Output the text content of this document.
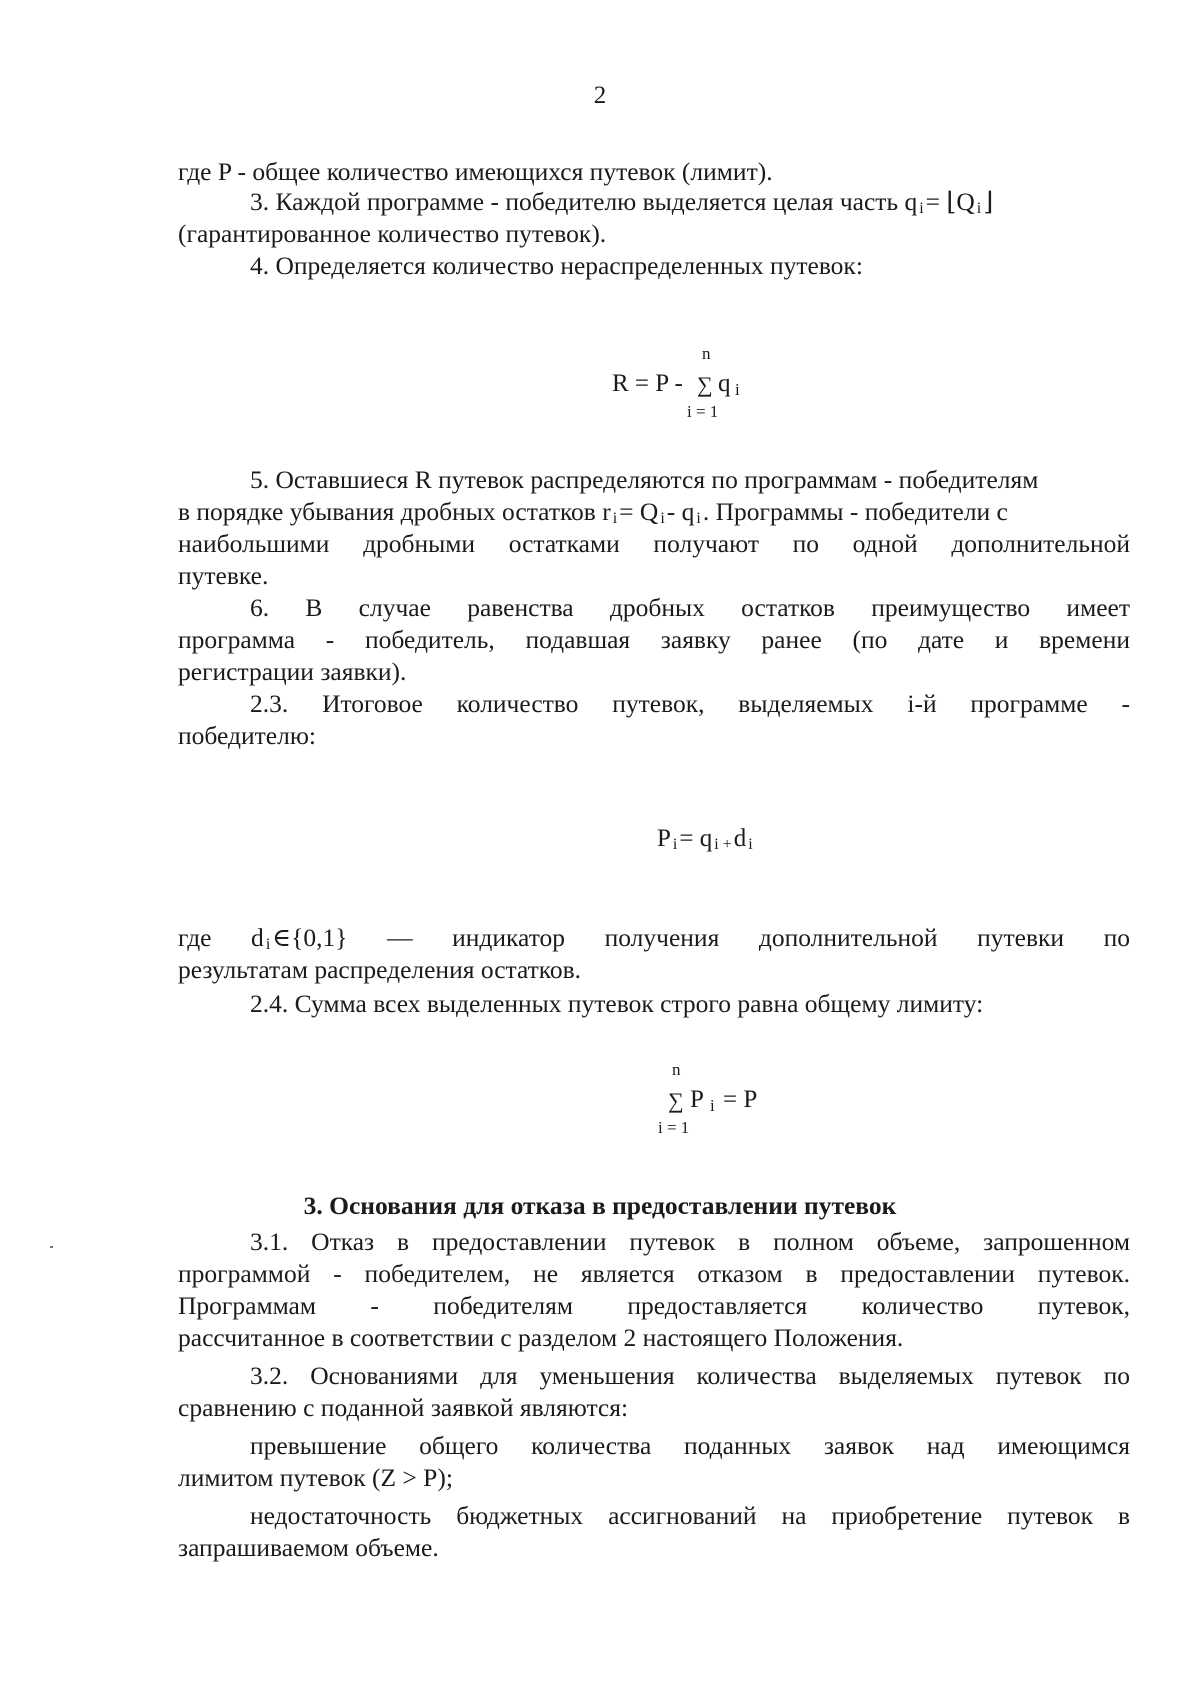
2
где P - общее количество имеющихся путевок (лимит).
3. Каждой программе - победителю выделяется целая часть q i= ⌊Q i⌋
(гарантированное количество путевок).
4. Определяется количество нераспределенных путевок:
n
R = P - ∑ q i
i = 1
5. Оставшиеся R путевок распределяются по программам - победителям
в порядке убывания дробных остатков r i= Q i- q i. Программы - победители с
наибольшими дробными остатками получают по одной дополнительной
путевке.
6. В случае равенства дробных остатков преимущество имеет
программа - победитель, подавшая заявку ранее (по дате и времени
регистрации заявки).
2.3. Итоговое количество путевок, выделяемых i-й программе -
победителю:
Pi= q i +d i
где d i∈{0,1} — индикатор получения дополнительной путевки по
результатам распределения остатков.
2.4. Сумма всех выделенных путевок строго равна общему лимиту:
n
∑ P i = P
i = 1
3. Основания для отказа в предоставлении путевок
3.1. Отказ в предоставлении путевок в полном объеме, запрошенном
программой - победителем, не является отказом в предоставлении путевок.
Программам - победителям предоставляется количество путевок,
рассчитанное в соответствии с разделом 2 настоящего Положения.
3.2. Основаниями для уменьшения количества выделяемых путевок по
сравнению с поданной заявкой являются:
превышение общего количества поданных заявок над имеющимся
лимитом путевок (Z > P);
недостаточность бюджетных ассигнований на приобретение путевок в
запрашиваемом объеме.
